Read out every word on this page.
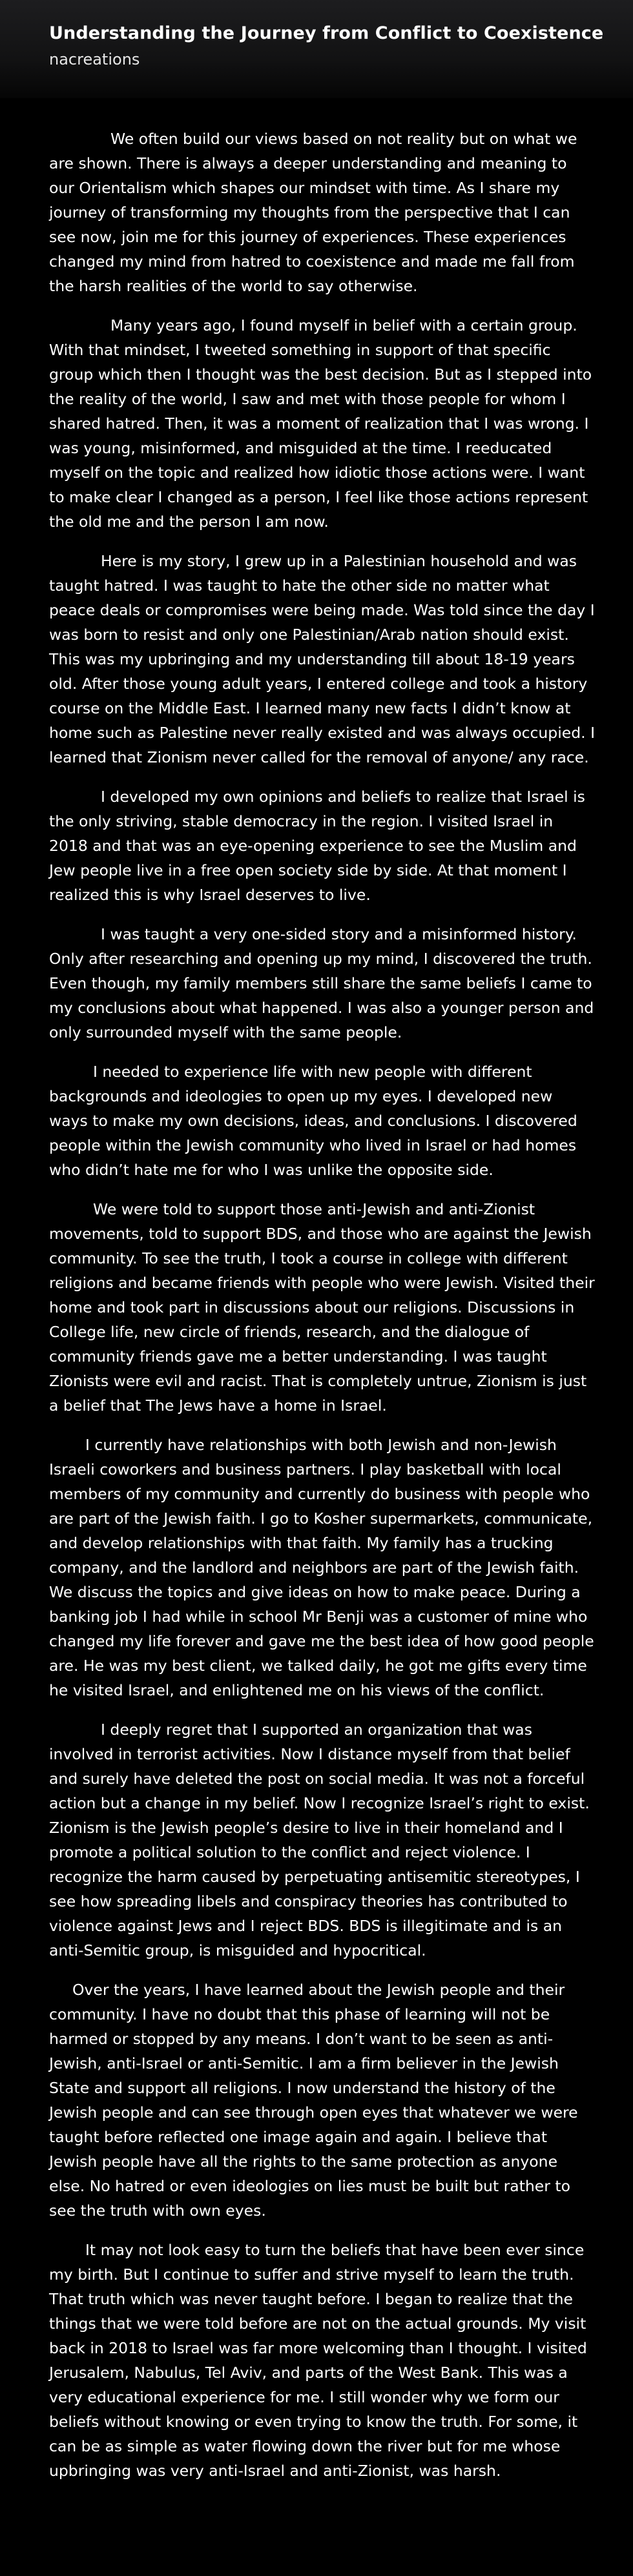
Understanding the Journey from Conflict to Coexistence
nacreations

We often build our views based on not reality but on what we are shown. There is always a deeper understanding and meaning to our Orientalism which shapes our mindset with time. As I share my journey of transforming my thoughts from the perspective that I can see now, join me for this journey of experiences. These experiences changed my mind from hatred to coexistence and made me fall from the harsh realities of the world to say otherwise.

Many years ago, I found myself in belief with a certain group. With that mindset, I tweeted something in support of that specific group which then I thought was the best decision. But as I stepped into the reality of the world, I saw and met with those people for whom I shared hatred. Then, it was a moment of realization that I was wrong. I was young, misinformed, and misguided at the time. I reeducated myself on the topic and realized how idiotic those actions were. I want to make clear I changed as a person, I feel like those actions represent the old me and the person I am now.

Here is my story, I grew up in a Palestinian household and was taught hatred. I was taught to hate the other side no matter what peace deals or compromises were being made. Was told since the day I was born to resist and only one Palestinian/Arab nation should exist. This was my upbringing and my understanding till about 18-19 years old. After those young adult years, I entered college and took a history course on the Middle East. I learned many new facts I didn’t know at home such as Palestine never really existed and was always occupied. I learned that Zionism never called for the removal of anyone/ any race.

I developed my own opinions and beliefs to realize that Israel is the only striving, stable democracy in the region. I visited Israel in 2018 and that was an eye-opening experience to see the Muslim and Jew people live in a free open society side by side. At that moment I realized this is why Israel deserves to live.

I was taught a very one-sided story and a misinformed history. Only after researching and opening up my mind, I discovered the truth. Even though, my family members still share the same beliefs I came to my conclusions about what happened. I was also a younger person and only surrounded myself with the same people.

I needed to experience life with new people with different backgrounds and ideologies to open up my eyes. I developed new ways to make my own decisions, ideas, and conclusions. I discovered people within the Jewish community who lived in Israel or had homes who didn’t hate me for who I was unlike the opposite side.

We were told to support those anti-Jewish and anti-Zionist movements, told to support BDS, and those who are against the Jewish community. To see the truth, I took a course in college with different religions and became friends with people who were Jewish. Visited their home and took part in discussions about our religions. Discussions in College life, new circle of friends, research, and the dialogue of community friends gave me a better understanding. I was taught Zionists were evil and racist. That is completely untrue, Zionism is just a belief that The Jews have a home in Israel.

I currently have relationships with both Jewish and non-Jewish Israeli coworkers and business partners. I play basketball with local members of my community and currently do business with people who are part of the Jewish faith. I go to Kosher supermarkets, communicate, and develop relationships with that faith. My family has a trucking company, and the landlord and neighbors are part of the Jewish faith. We discuss the topics and give ideas on how to make peace. During a banking job I had while in school Mr Benji was a customer of mine who changed my life forever and gave me the best idea of how good people are. He was my best client, we talked daily, he got me gifts every time he visited Israel, and enlightened me on his views of the conflict.

I deeply regret that I supported an organization that was involved in terrorist activities. Now I distance myself from that belief and surely have deleted the post on social media. It was not a forceful action but a change in my belief. Now I recognize Israel’s right to exist. Zionism is the Jewish people’s desire to live in their homeland and I promote a political solution to the conflict and reject violence. I recognize the harm caused by perpetuating antisemitic stereotypes, I see how spreading libels and conspiracy theories has contributed to violence against Jews and I reject BDS. BDS is illegitimate and is an anti-Semitic group, is misguided and hypocritical.

Over the years, I have learned about the Jewish people and their community. I have no doubt that this phase of learning will not be harmed or stopped by any means. I don’t want to be seen as anti-Jewish, anti-Israel or anti-Semitic. I am a firm believer in the Jewish State and support all religions. I now understand the history of the Jewish people and can see through open eyes that whatever we were taught before reflected one image again and again. I believe that Jewish people have all the rights to the same protection as anyone else. No hatred or even ideologies on lies must be built but rather to see the truth with own eyes.

It may not look easy to turn the beliefs that have been ever since my birth. But I continue to suffer and strive myself to learn the truth. That truth which was never taught before. I began to realize that the things that we were told before are not on the actual grounds. My visit back in 2018 to Israel was far more welcoming than I thought. I visited Jerusalem, Nabulus, Tel Aviv, and parts of the West Bank. This was a very educational experience for me. I still wonder why we form our beliefs without knowing or even trying to know the truth. For some, it can be as simple as water flowing down the river but for me whose upbringing was very anti-Israel and anti-Zionist, was harsh.
